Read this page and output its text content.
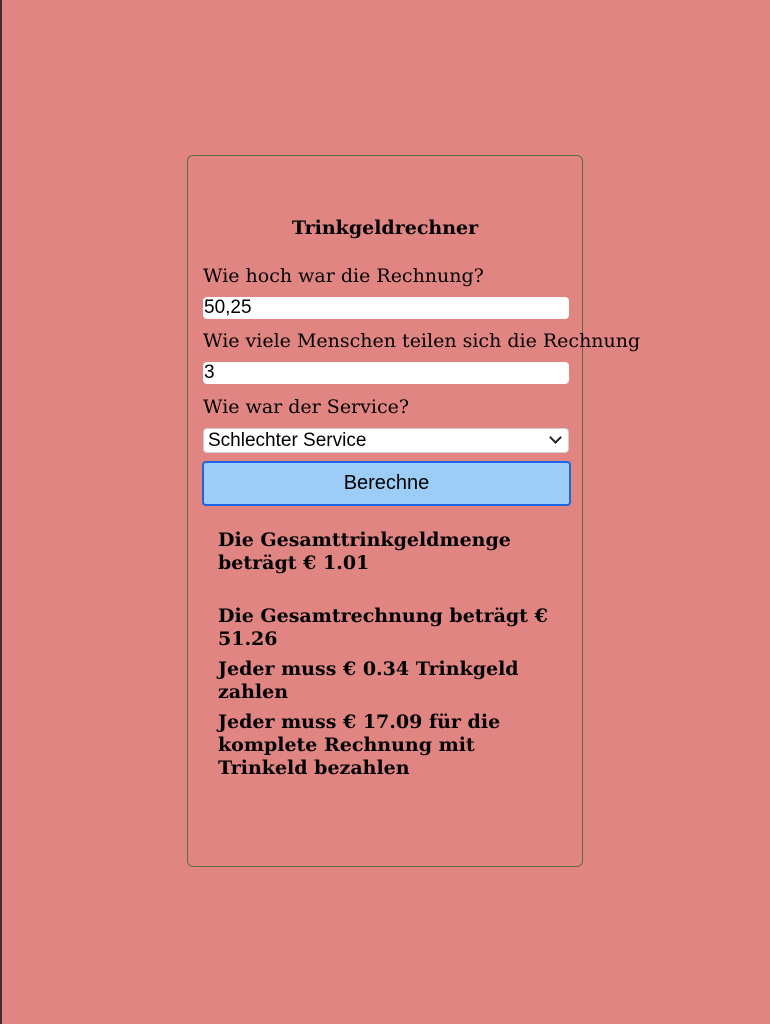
Trinkgeldrechner
Wie hoch war die Rechnung?
50,25
Wie viele Menschen teilen sich die Rechnung
3
Wie war der Service?
Schlechter Service
Berechne
Die Gesamttrinkgeldmenge beträgt € 1.01
Die Gesamtrechnung beträgt € 51.26
Jeder muss € 0.34 Trinkgeld zahlen
Jeder muss € 17.09 für die komplete Rechnung mit Trinkeld bezahlen
